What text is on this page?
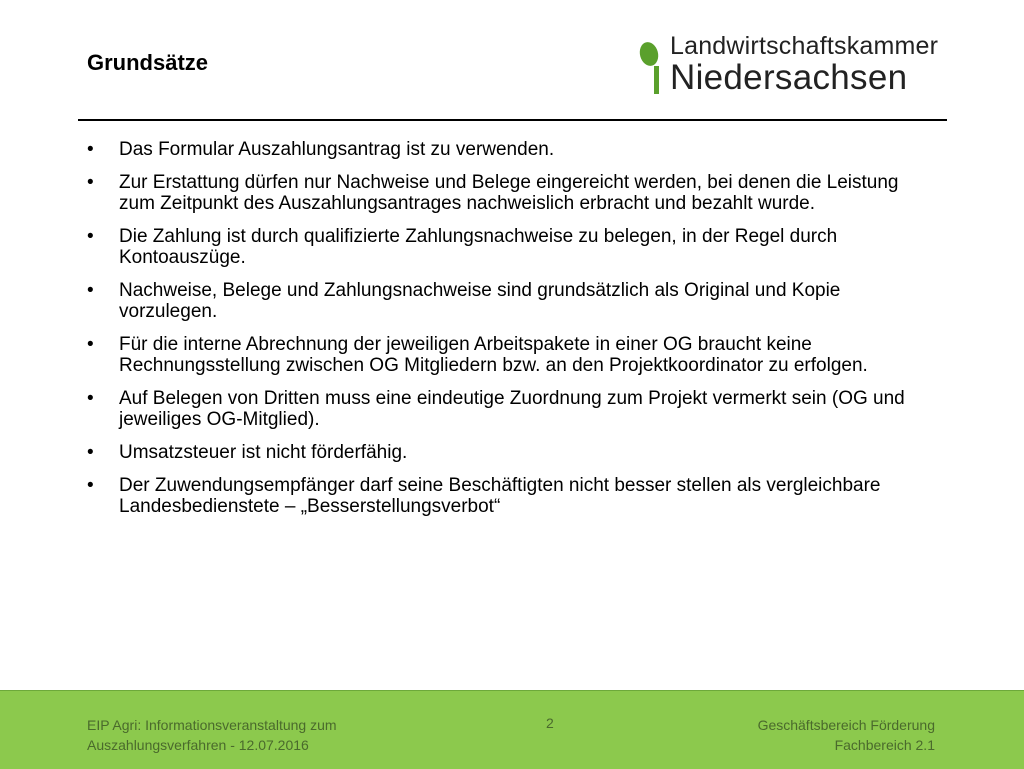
Grundsätze
Landwirtschaftskammer
Niedersachsen
• Das Formular Auszahlungsantrag ist zu verwenden.
• Zur Erstattung dürfen nur Nachweise und Belege eingereicht werden, bei denen die Leistung zum Zeitpunkt des Auszahlungsantrages nachweislich erbracht und bezahlt wurde.
• Die Zahlung ist durch qualifizierte Zahlungsnachweise zu belegen, in der Regel durch Kontoauszüge.
• Nachweise, Belege und Zahlungsnachweise sind grundsätzlich als Original und Kopie vorzulegen.
• Für die interne Abrechnung der jeweiligen Arbeitspakete in einer OG braucht keine Rechnungsstellung zwischen OG Mitgliedern bzw. an den Projektkoordinator zu erfolgen.
• Auf Belegen von Dritten muss eine eindeutige Zuordnung zum Projekt vermerkt sein (OG und jeweiliges OG-Mitglied).
• Umsatzsteuer ist nicht förderfähig.
• Der Zuwendungsempfänger darf seine Beschäftigten nicht besser stellen als vergleichbare Landesbedienstete – „Besserstellungsverbot“
EIP Agri: Informationsveranstaltung zum
Auszahlungsverfahren - 12.07.2016
2	Geschäftsbereich Förderung
Fachbereich 2.1
